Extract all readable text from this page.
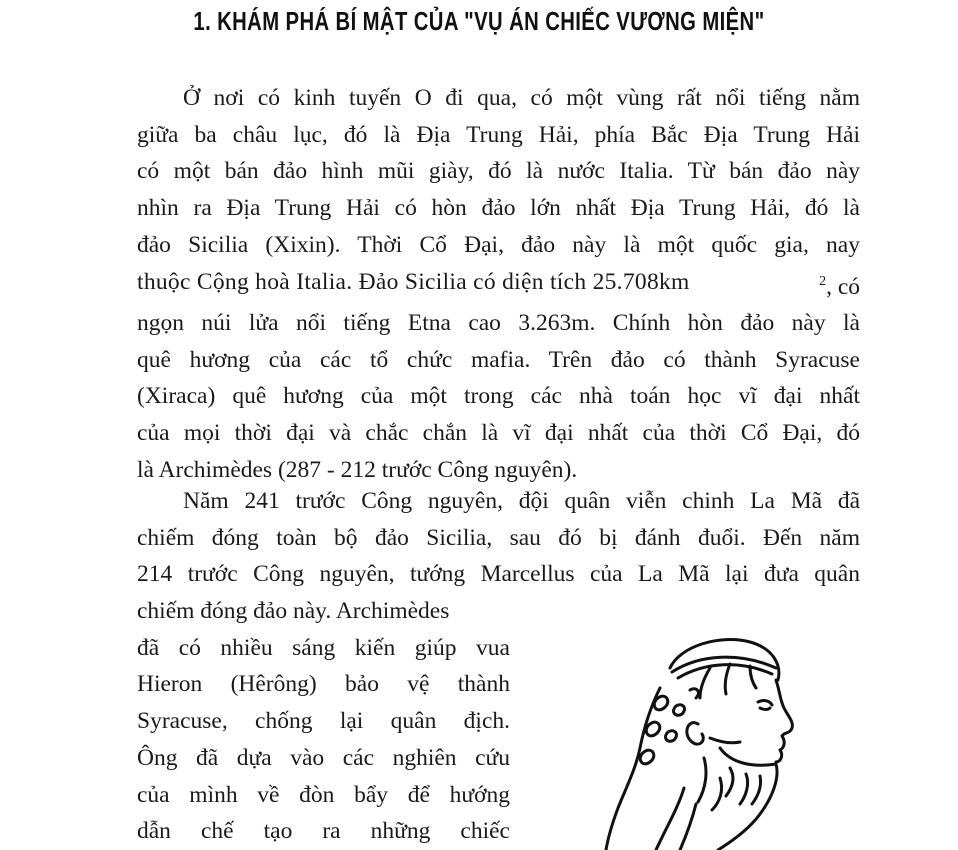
1. KHÁM PHÁ BÍ MẬT CỦA "VỤ ÁN CHIẾC VƯƠNG MIỆN"

Ở nơi có kinh tuyến O đi qua, có một vùng rất nổi tiếng nằm
giữa ba châu lục, đó là Địa Trung Hải, phía Bắc Địa Trung Hải
có một bán đảo hình mũi giày, đó là nước Italia. Từ bán đảo này
nhìn ra Địa Trung Hải có hòn đảo lớn nhất Địa Trung Hải, đó là
đảo Sicilia (Xixin). Thời Cổ Đại, đảo này là một quốc gia, nay
thuộc Cộng hoà Italia. Đảo Sicilia có diện tích 25.708km	$^2$, có
ngọn núi lửa nổi tiếng Etna cao 3.263m. Chính hòn đảo này là
quê hương của các tổ chức mafia. Trên đảo có thành Syracuse
(Xiraca) quê hương của một trong các nhà toán học vĩ đại nhất
của mọi thời đại và chắc chắn là vĩ đại nhất của thời Cổ Đại, đó
là Archimèdes (287 - 212 trước Công nguyên).

Năm 241 trước Công nguyên, đội quân viễn chinh La Mã đã
chiếm đóng toàn bộ đảo Sicilia, sau đó bị đánh đuổi. Đến năm
214 trước Công nguyên, tướng Marcellus của La Mã lại đưa quân

chiếm đóng đảo này. Archimèdes
đã có nhiều sáng kiến giúp vua
Hieron (Hêrông) bảo vệ thành
Syracuse, chống lại quân địch.
Ông đã dựa vào các nghiên cứu
của mình về đòn bẩy để hướng
dẫn chế tạo ra những chiếc
